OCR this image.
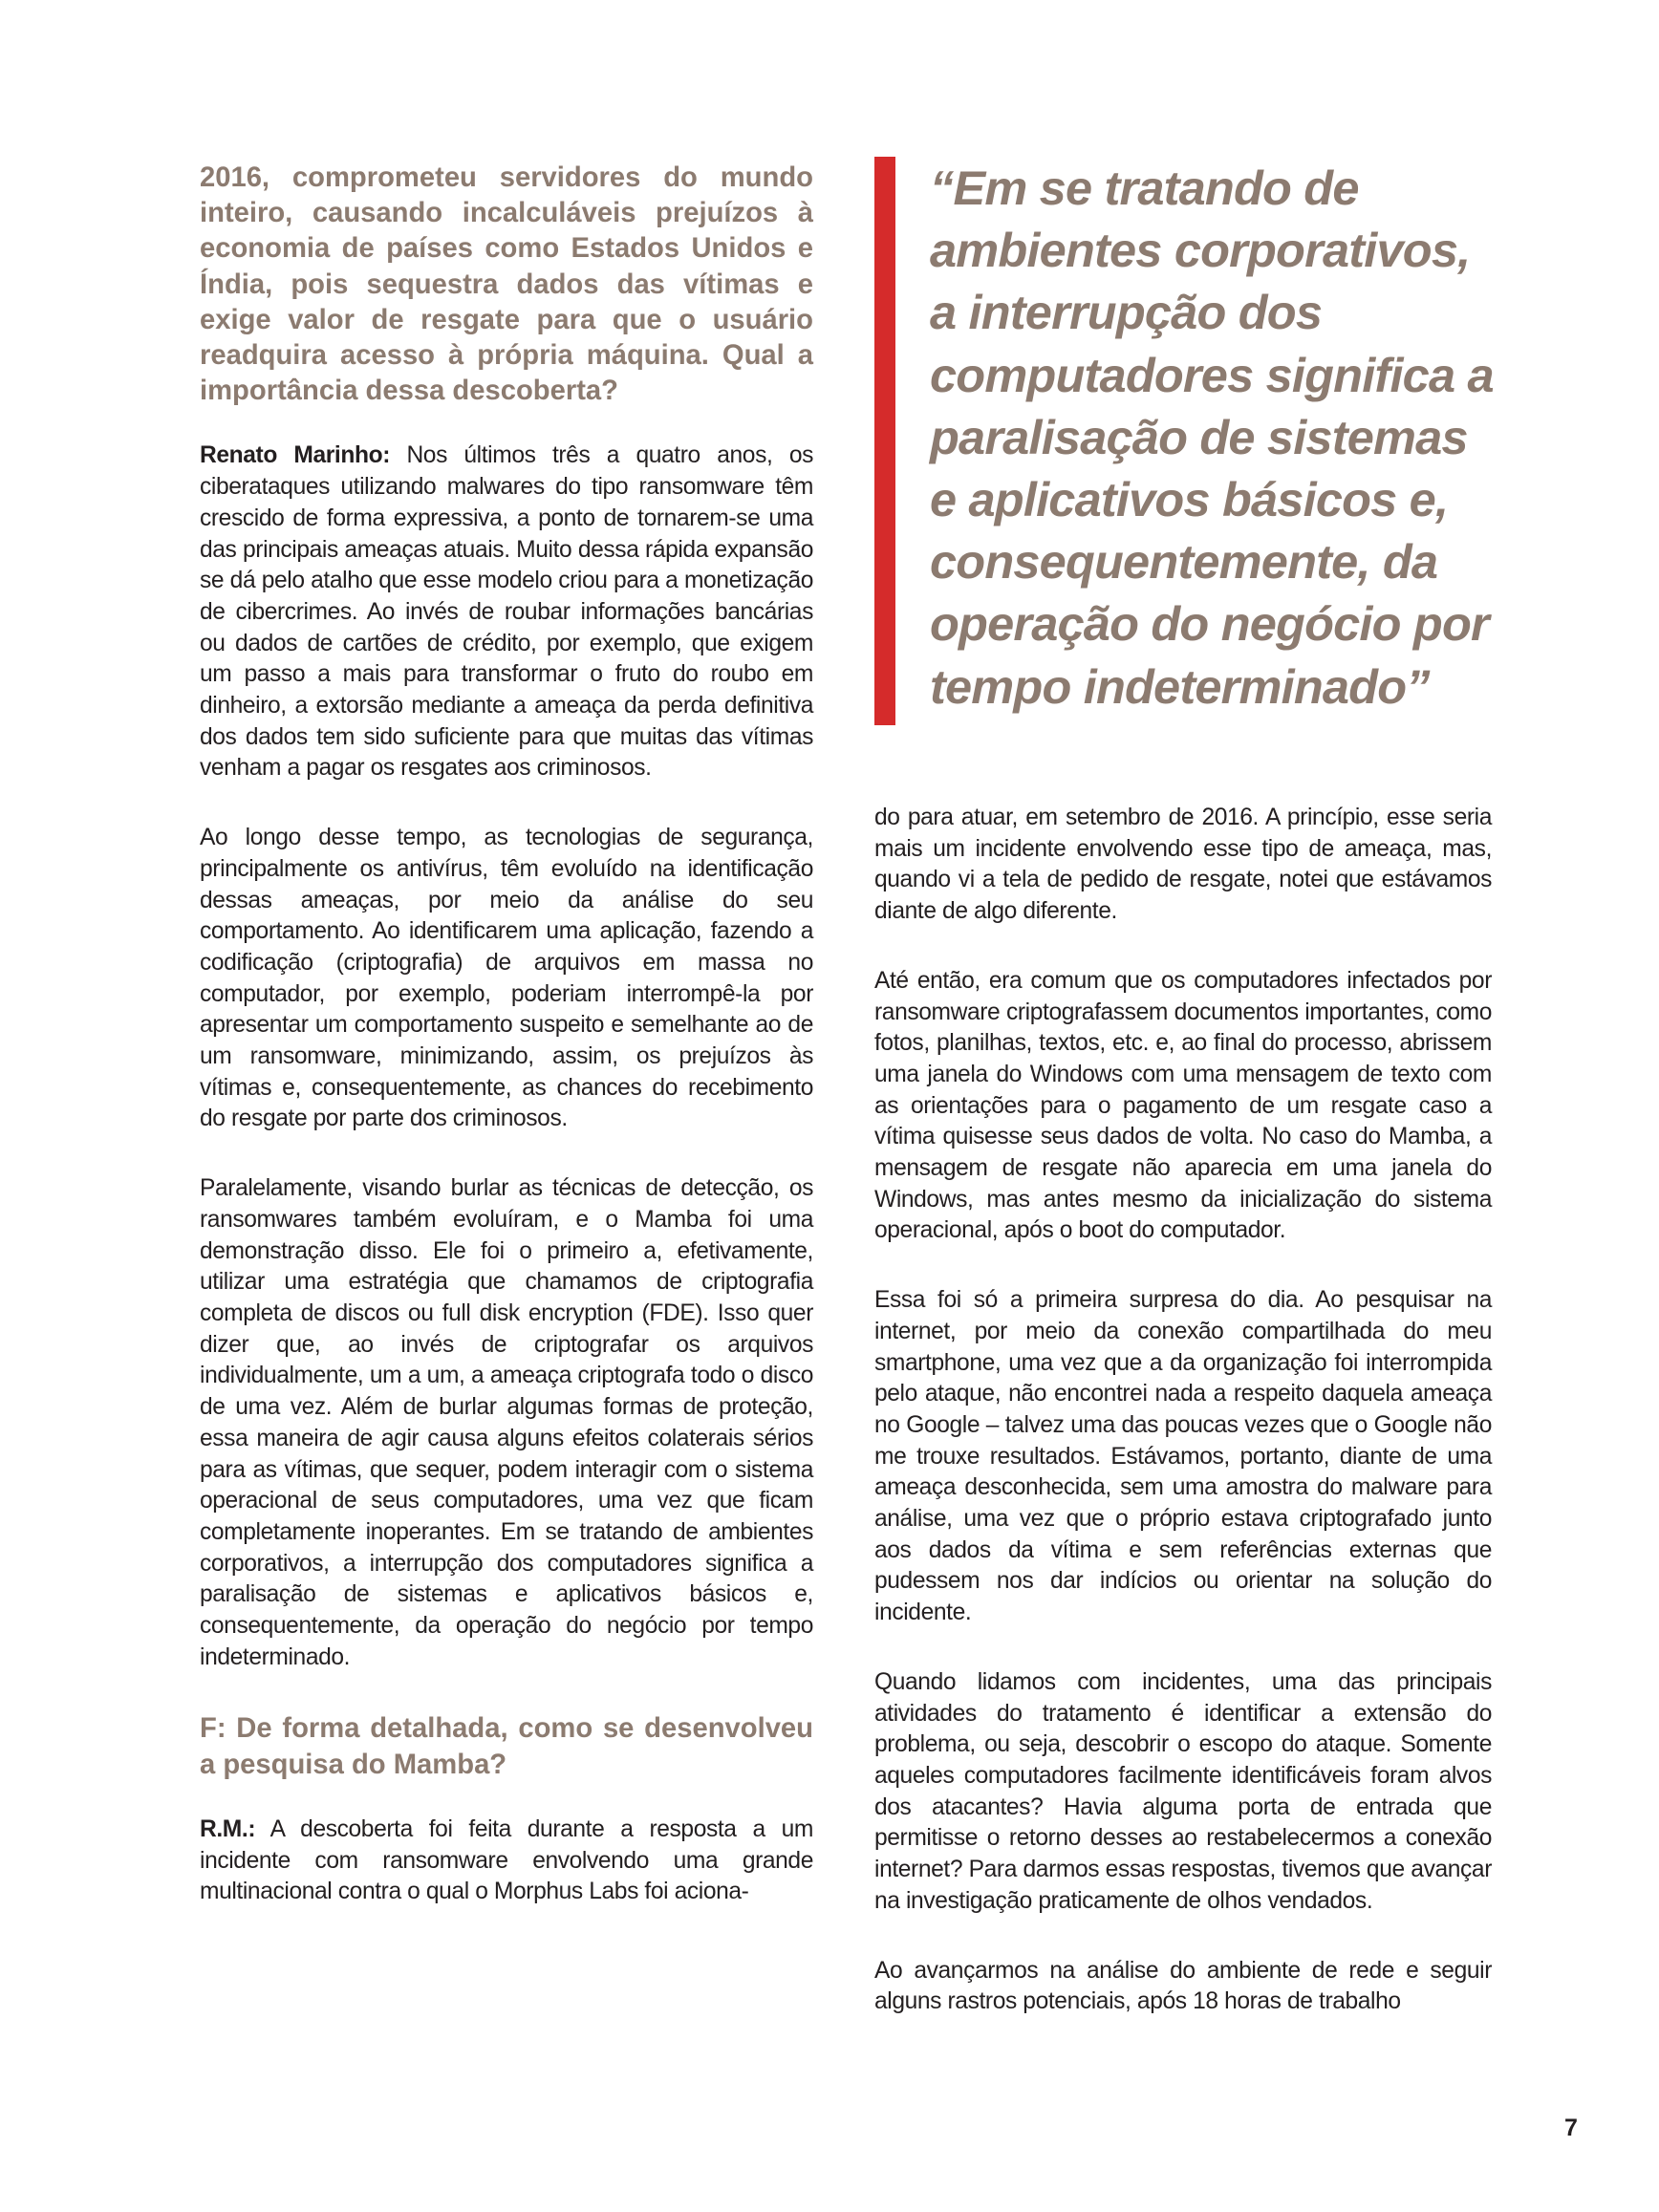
2016, comprometeu servidores do mundo inteiro, causando incalculáveis prejuízos à economia de países como Estados Unidos e Índia, pois sequestra dados das vítimas e exige valor de resgate para que o usuário readquira acesso à própria máquina. Qual a importância dessa descoberta?

Renato Marinho: Nos últimos três a quatro anos, os ciberataques utilizando malwares do tipo ransomware têm crescido de forma expressiva, a ponto de tornarem-se uma das principais ameaças atuais. Muito dessa rápida expansão se dá pelo atalho que esse modelo criou para a monetização de cibercrimes. Ao invés de roubar informações bancárias ou dados de cartões de crédito, por exemplo, que exigem um passo a mais para transformar o fruto do roubo em dinheiro, a extorsão mediante a ameaça da perda definitiva dos dados tem sido suficiente para que muitas das vítimas venham a pagar os resgates aos criminosos.

Ao longo desse tempo, as tecnologias de segurança, principalmente os antivírus, têm evoluído na identificação dessas ameaças, por meio da análise do seu comportamento. Ao identificarem uma aplicação, fazendo a codificação (criptografia) de arquivos em massa no computador, por exemplo, poderiam interrompê-la por apresentar um comportamento suspeito e semelhante ao de um ransomware, minimizando, assim, os prejuízos às vítimas e, consequentemente, as chances do recebimento do resgate por parte dos criminosos.

Paralelamente, visando burlar as técnicas de detecção, os ransomwares também evoluíram, e o Mamba foi uma demonstração disso. Ele foi o primeiro a, efetivamente, utilizar uma estratégia que chamamos de criptografia completa de discos ou full disk encryption (FDE). Isso quer dizer que, ao invés de criptografar os arquivos individualmente, um a um, a ameaça criptografa todo o disco de uma vez. Além de burlar algumas formas de proteção, essa maneira de agir causa alguns efeitos colaterais sérios para as vítimas, que sequer, podem interagir com o sistema operacional de seus computadores, uma vez que ficam completamente inoperantes. Em se tratando de ambientes corporativos, a interrupção dos computadores significa a paralisação de sistemas e aplicativos básicos e, consequentemente, da operação do negócio por tempo indeterminado.

F: De forma detalhada, como se desenvolveu a pesquisa do Mamba?

R.M.: A descoberta foi feita durante a resposta a um incidente com ransomware envolvendo uma grande multinacional contra o qual o Morphus Labs foi aciona-

“Em se tratando de ambientes corporativos, a interrupção dos computadores significa a paralisação de sistemas e aplicativos básicos e, consequentemente, da operação do negócio por tempo indeterminado”

do para atuar, em setembro de 2016. A princípio, esse seria mais um incidente envolvendo esse tipo de ameaça, mas, quando vi a tela de pedido de resgate, notei que estávamos diante de algo diferente.

Até então, era comum que os computadores infectados por ransomware criptografassem documentos importantes, como fotos, planilhas, textos, etc. e, ao final do processo, abrissem uma janela do Windows com uma mensagem de texto com as orientações para o pagamento de um resgate caso a vítima quisesse seus dados de volta. No caso do Mamba, a mensagem de resgate não aparecia em uma janela do Windows, mas antes mesmo da inicialização do sistema operacional, após o boot do computador.

Essa foi só a primeira surpresa do dia. Ao pesquisar na internet, por meio da conexão compartilhada do meu smartphone, uma vez que a da organização foi interrompida pelo ataque, não encontrei nada a respeito daquela ameaça no Google – talvez uma das poucas vezes que o Google não me trouxe resultados. Estávamos, portanto, diante de uma ameaça desconhecida, sem uma amostra do malware para análise, uma vez que o próprio estava criptografado junto aos dados da vítima e sem referências externas que pudessem nos dar indícios ou orientar na solução do incidente.

Quando lidamos com incidentes, uma das principais atividades do tratamento é identificar a extensão do problema, ou seja, descobrir o escopo do ataque. Somente aqueles computadores facilmente identificáveis foram alvos dos atacantes? Havia alguma porta de entrada que permitisse o retorno desses ao restabelecermos a conexão internet? Para darmos essas respostas, tivemos que avançar na investigação praticamente de olhos vendados.

Ao avançarmos na análise do ambiente de rede e seguir alguns rastros potenciais, após 18 horas de trabalho

7
